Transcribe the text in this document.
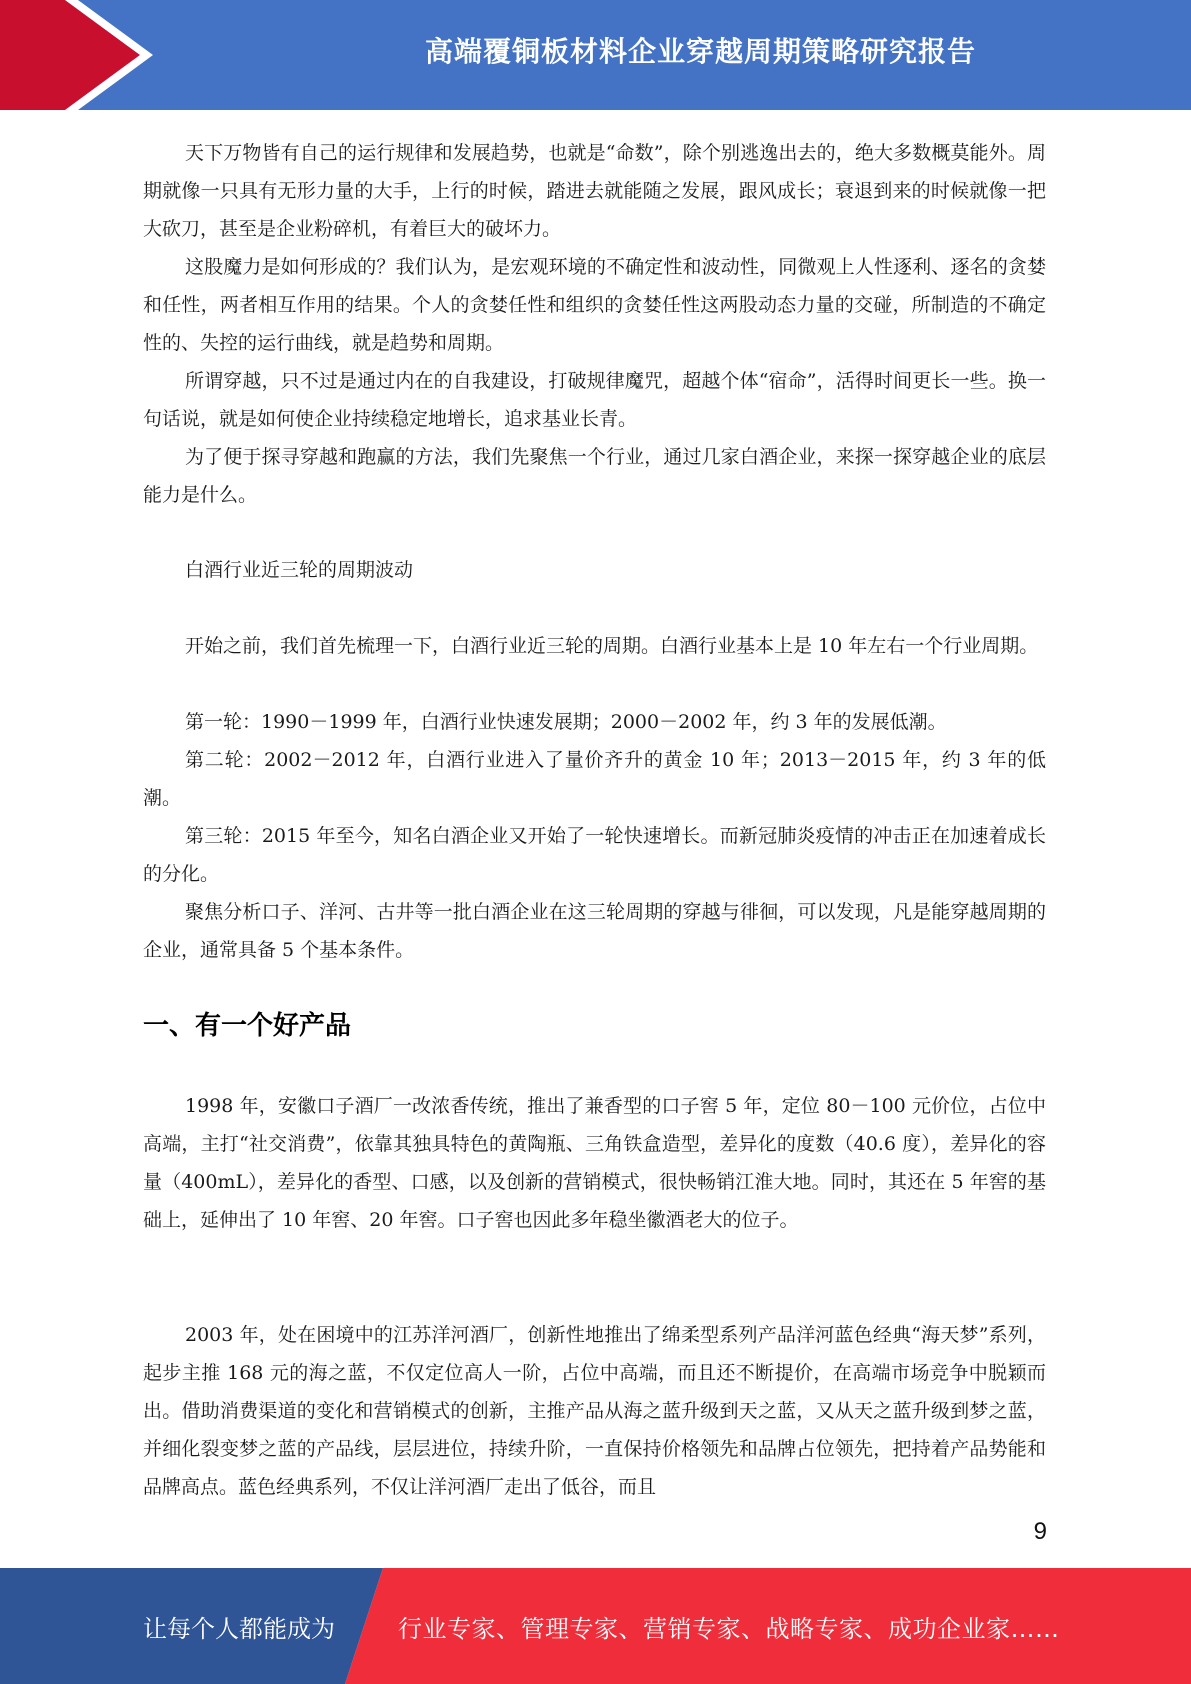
高端覆铜板材料企业穿越周期策略研究报告

天下万物皆有自己的运行规律和发展趋势，也就是“命数”，除个别逃逸出去的，绝大多数概莫能外。周期就像一只具有无形力量的大手，上行的时候，踏进去就能随之发展，跟风成长；衰退到来的时候就像一把大砍刀，甚至是企业粉碎机，有着巨大的破坏力。

这股魔力是如何形成的？我们认为，是宏观环境的不确定性和波动性，同微观上人性逐利、逐名的贪婪和任性，两者相互作用的结果。个人的贪婪任性和组织的贪婪任性这两股动态力量的交碰，所制造的不确定性的、失控的运行曲线，就是趋势和周期。

所谓穿越，只不过是通过内在的自我建设，打破规律魔咒，超越个体“宿命”，活得时间更长一些。换一句话说，就是如何使企业持续稳定地增长，追求基业长青。

为了便于探寻穿越和跑赢的方法，我们先聚焦一个行业，通过几家白酒企业，来探一探穿越企业的底层能力是什么。

白酒行业近三轮的周期波动

开始之前，我们首先梳理一下，白酒行业近三轮的周期。白酒行业基本上是 10 年左右一个行业周期。

第一轮：1990－1999 年，白酒行业快速发展期；2000－2002 年，约 3 年的发展低潮。

第二轮：2002－2012 年，白酒行业进入了量价齐升的黄金 10 年；2013－2015 年，约 3 年的低潮。

第三轮：2015 年至今，知名白酒企业又开始了一轮快速增长。而新冠肺炎疫情的冲击正在加速着成长的分化。

聚焦分析口子、洋河、古井等一批白酒企业在这三轮周期的穿越与徘徊，可以发现，凡是能穿越周期的企业，通常具备 5 个基本条件。

一、有一个好产品

1998 年，安徽口子酒厂一改浓香传统，推出了兼香型的口子窖 5 年，定位 80－100 元价位，占位中高端，主打“社交消费”，依靠其独具特色的黄陶瓶、三角铁盒造型，差异化的度数（40.6 度），差异化的容量（400mL），差异化的香型、口感，以及创新的营销模式，很快畅销江淮大地。同时，其还在 5 年窖的基础上，延伸出了 10 年窖、20 年窖。口子窖也因此多年稳坐徽酒老大的位子。

2003 年，处在困境中的江苏洋河酒厂，创新性地推出了绵柔型系列产品洋河蓝色经典“海天梦”系列，起步主推 168 元的海之蓝，不仅定位高人一阶，占位中高端，而且还不断提价，在高端市场竞争中脱颖而出。借助消费渠道的变化和营销模式的创新，主推产品从海之蓝升级到天之蓝，又从天之蓝升级到梦之蓝，并细化裂变梦之蓝的产品线，层层进位，持续升阶，一直保持价格领先和品牌占位领先，把持着产品势能和品牌高点。蓝色经典系列，不仅让洋河酒厂走出了低谷，而且

9
让每个人都能成为	行业专家、管理专家、营销专家、战略专家、成功企业家……
